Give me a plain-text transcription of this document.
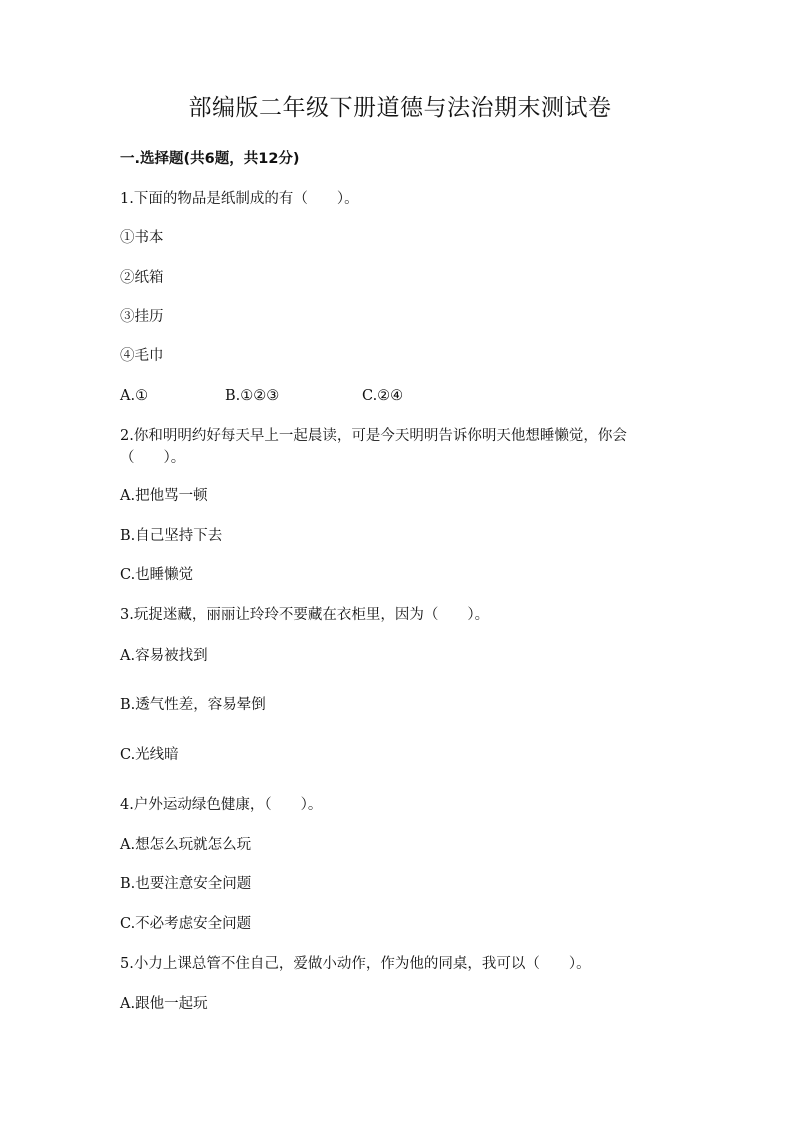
部编版二年级下册道德与法治期末测试卷
一.选择题(共6题，共12分)
1.下面的物品是纸制成的有（　　）。
①书本
②纸箱
③挂历
④毛巾
A.①	B.①②③	C.②④
2.你和明明约好每天早上一起晨读，可是今天明明告诉你明天他想睡懒觉，你会（　　）。
A.把他骂一顿
B.自己坚持下去
C.也睡懒觉
3.玩捉迷藏，丽丽让玲玲不要藏在衣柜里，因为（　　）。
A.容易被找到
B.透气性差，容易晕倒
C.光线暗
4.户外运动绿色健康，（　　）。
A.想怎么玩就怎么玩
B.也要注意安全问题
C.不必考虑安全问题
5.小力上课总管不住自己，爱做小动作，作为他的同桌，我可以（　　）。
A.跟他一起玩
